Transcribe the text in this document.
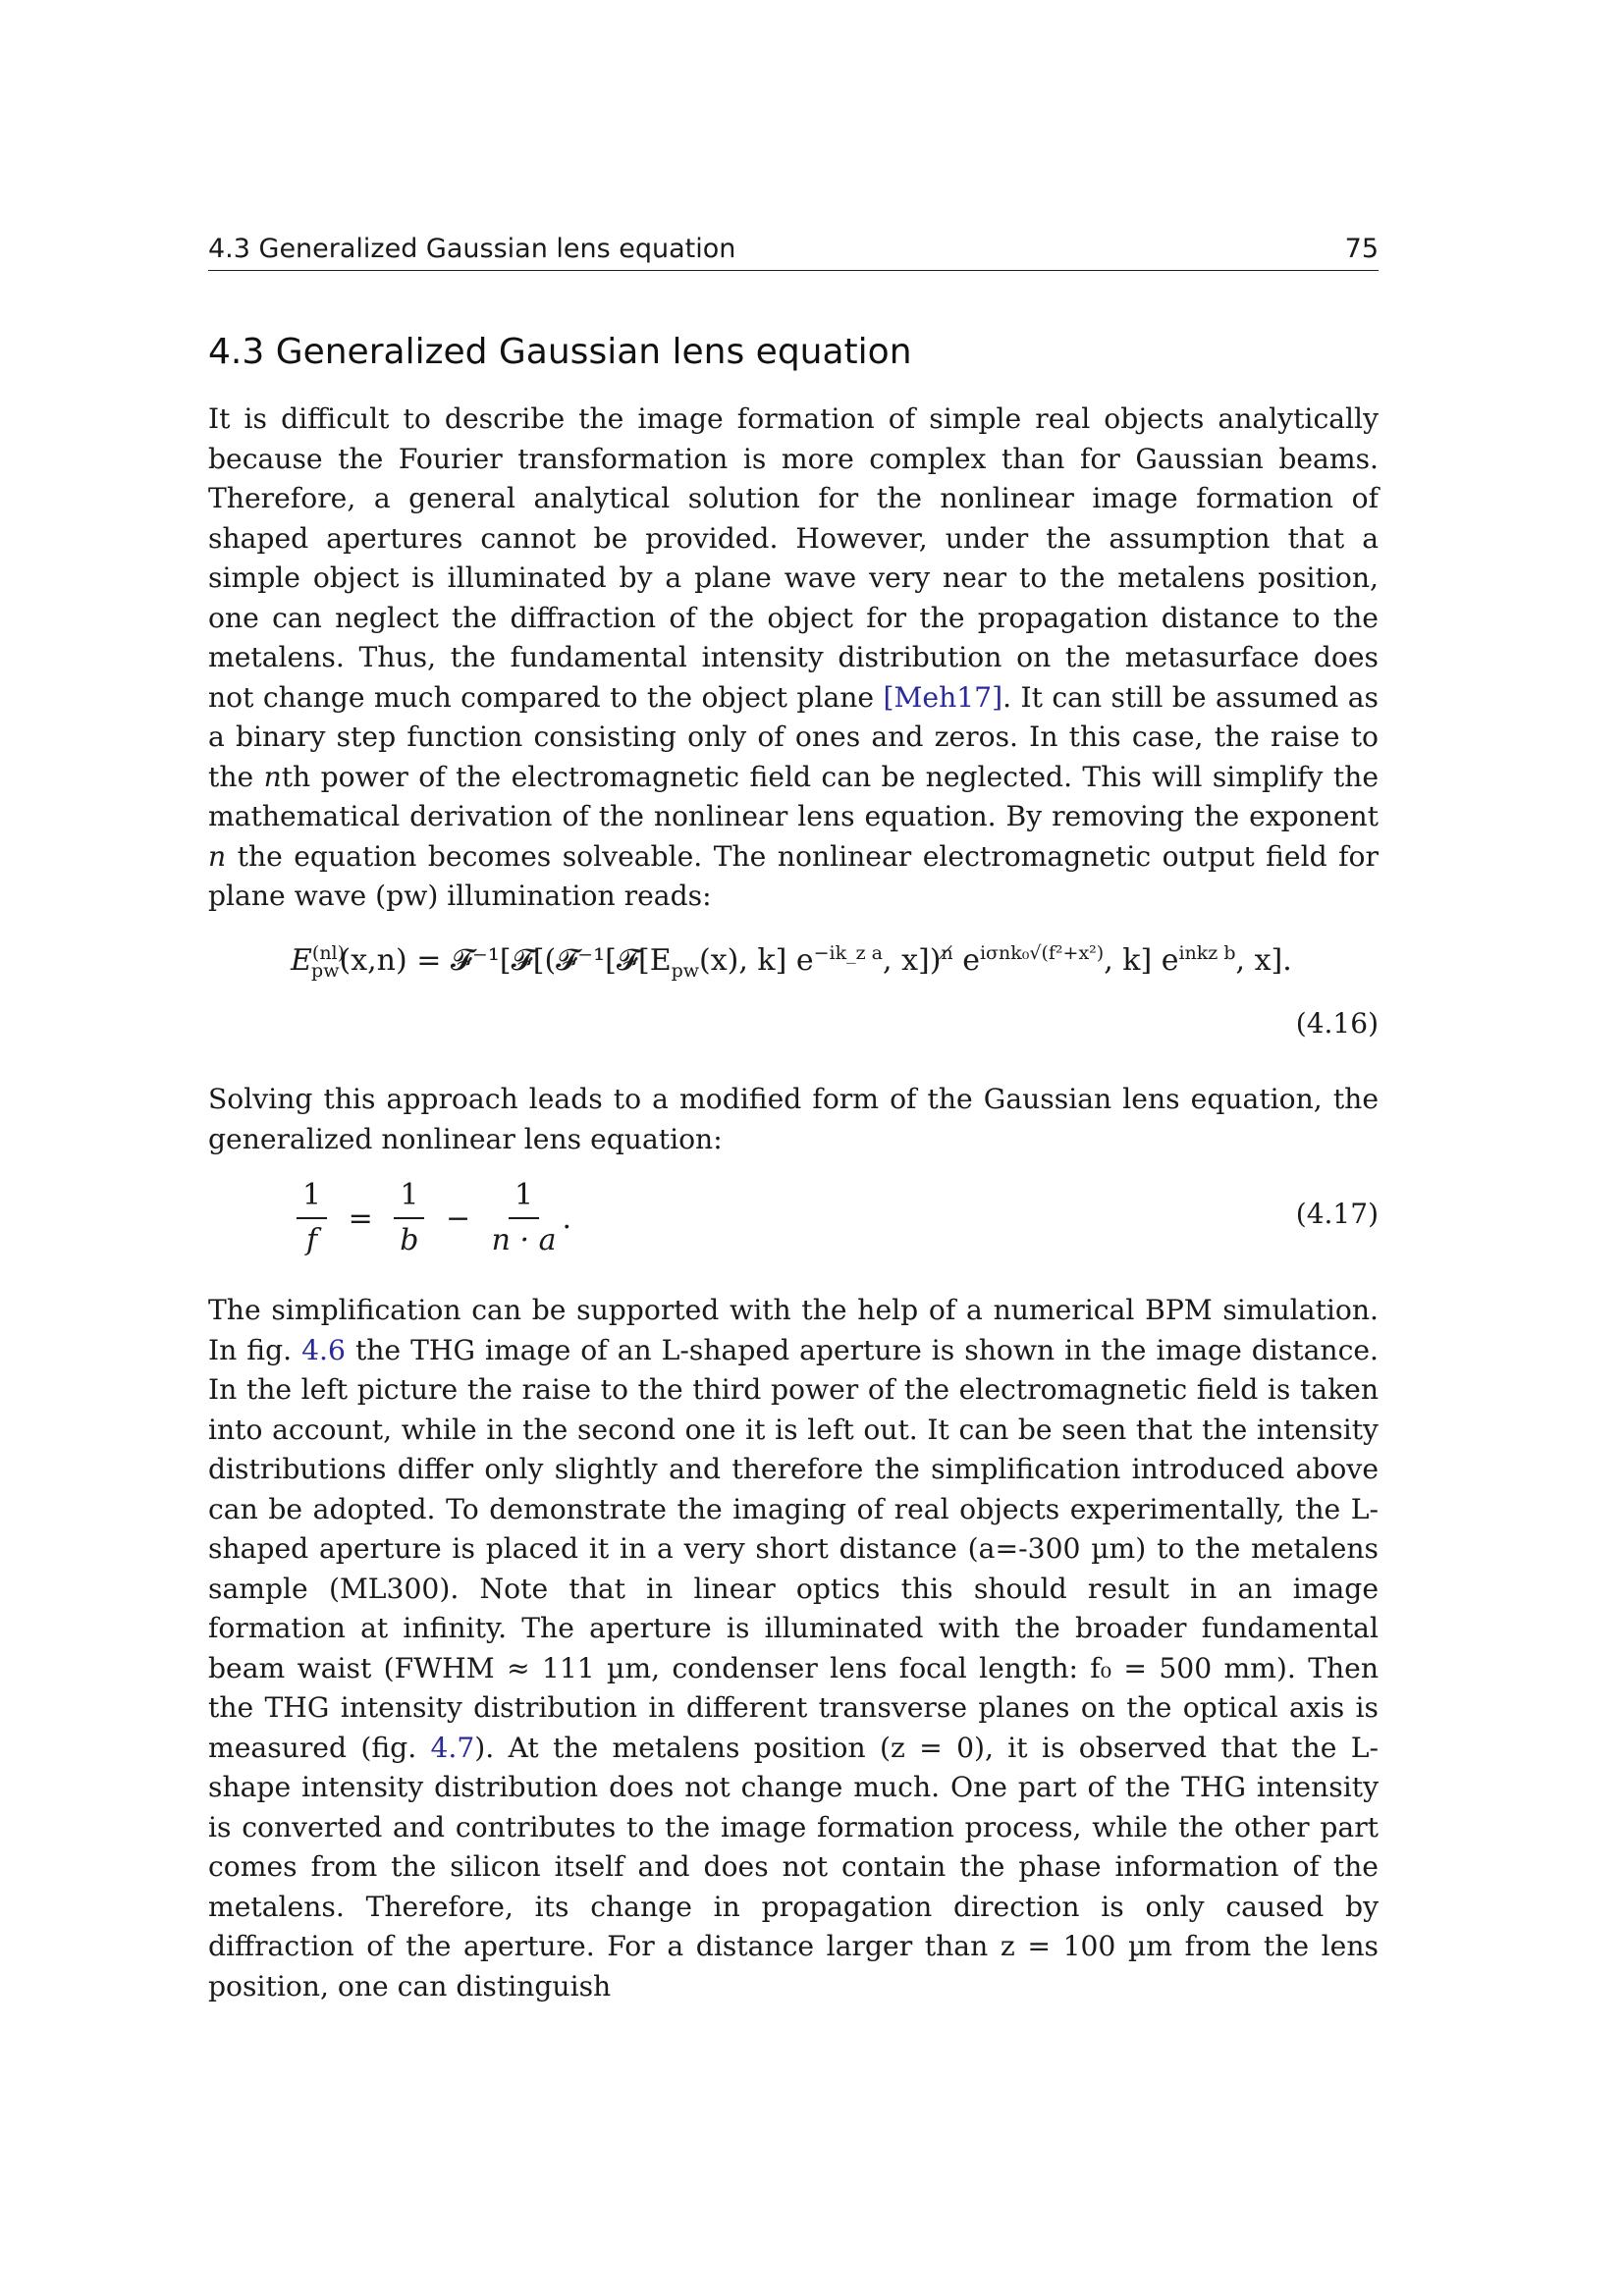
4.3 Generalized Gaussian lens equation	75
4.3 Generalized Gaussian lens equation
It is difficult to describe the image formation of simple real objects analytically because the Fourier transformation is more complex than for Gaussian beams. Therefore, a general analytical solution for the nonlinear image formation of shaped apertures cannot be provided. However, under the assumption that a simple object is illuminated by a plane wave very near to the metalens position, one can neglect the diffraction of the object for the propagation distance to the metalens. Thus, the fundamental intensity distribution on the metasurface does not change much compared to the object plane [Meh17]. It can still be assumed as a binary step function consisting only of ones and zeros. In this case, the raise to the nth power of the electromagnetic field can be neglected. This will simplify the mathematical derivation of the nonlinear lens equation. By removing the exponent n the equation becomes solveable. The nonlinear electromagnetic output field for plane wave (pw) illumination reads:
$E^{(nl)}_{pw}(x,n)$ = $𝓕^{-1}[𝓕[(𝓕^{-1}[𝓕[E_{pw}(x)$, k] $e^{-ik\_z a}$, x])$^{n̸}$ $e^{i\sigma nk_0√(f^2+x^2)}$, k] $e^{inkz b}$, x].
(4.16)
Solving this approach leads to a modified form of the Gaussian lens equation, the generalized nonlinear lens equation:
$\frac{1}{f} = \frac{1}{b} - \frac{1}{n \cdot a}$ .	(4.17)
The simplification can be supported with the help of a numerical BPM simulation. In fig. 4.6 the THG image of an L-shaped aperture is shown in the image distance. In the left picture the raise to the third power of the electromagnetic field is taken into account, while in the second one it is left out. It can be seen that the intensity distributions differ only slightly and therefore the simplification introduced above can be adopted. To demonstrate the imaging of real objects experimentally, the L-shaped aperture is placed it in a very short distance (a=-300 µm) to the metalens sample (ML300). Note that in linear optics this should result in an image formation at infinity. The aperture is illuminated with the broader fundamental beam waist (FWHM ≈ 111 µm, condenser lens focal length: f₀ = 500 mm). Then the THG intensity distribution in different transverse planes on the optical axis is measured (fig. 4.7). At the metalens position (z = 0), it is observed that the L-shape intensity distribution does not change much. One part of the THG intensity is converted and contributes to the image formation process, while the other part comes from the silicon itself and does not contain the phase information of the metalens. Therefore, its change in propagation direction is only caused by diffraction of the aperture. For a distance larger than z = 100 µm from the lens position, one can distinguish
